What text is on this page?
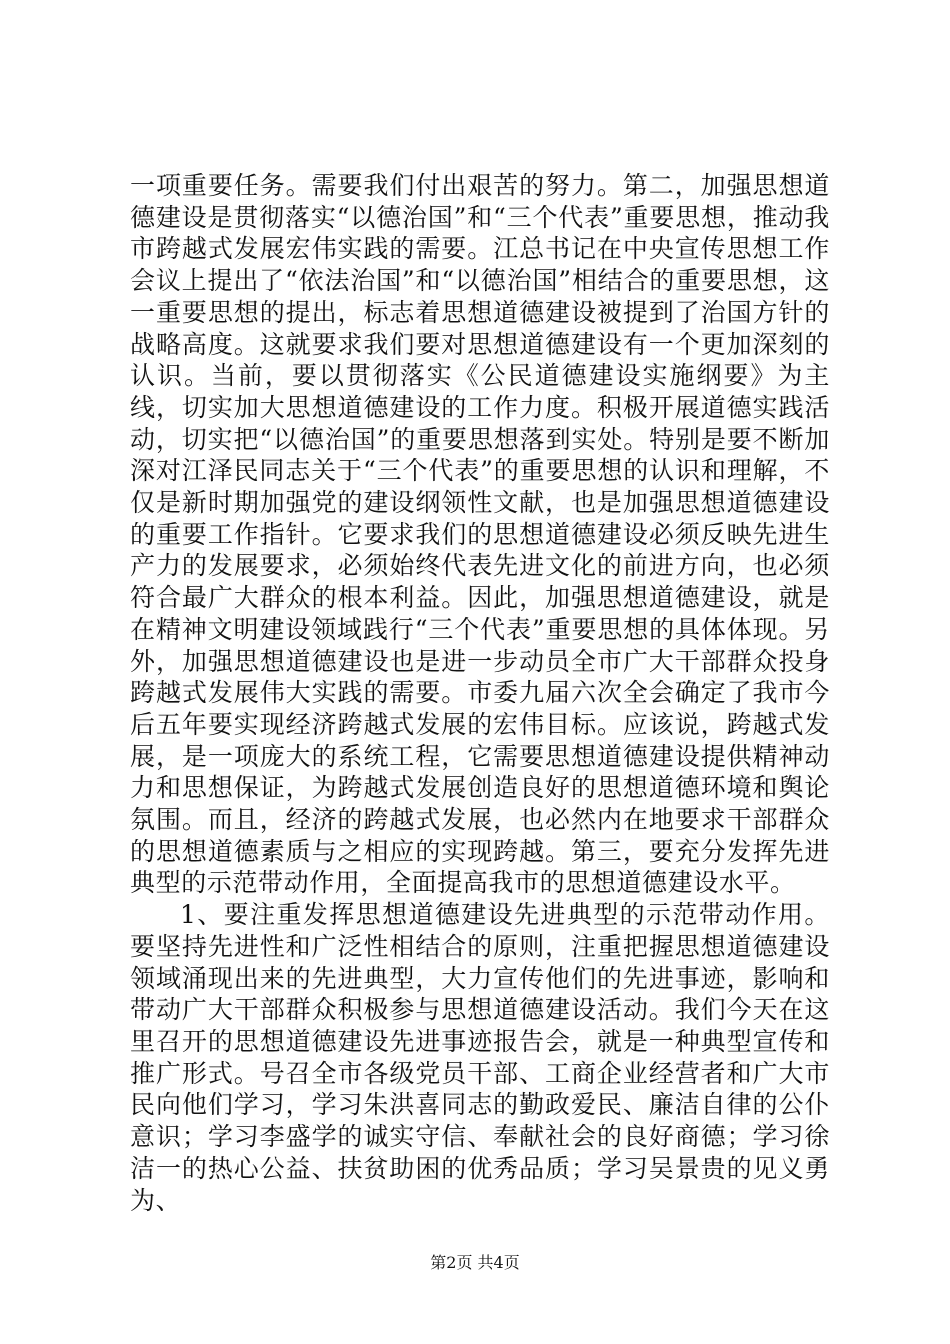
一项重要任务。需要我们付出艰苦的努力。第二，加强思想道德建设是贯彻落实“以德治国”和“三个代表”重要思想，推动我市跨越式发展宏伟实践的需要。江总书记在中央宣传思想工作会议上提出了“依法治国”和“以德治国”相结合的重要思想，这一重要思想的提出，标志着思想道德建设被提到了治国方针的战略高度。这就要求我们要对思想道德建设有一个更加深刻的认识。当前，要以贯彻落实《公民道德建设实施纲要》为主线，切实加大思想道德建设的工作力度。积极开展道德实践活动，切实把“以德治国”的重要思想落到实处。特别是要不断加深对江泽民同志关于“三个代表”的重要思想的认识和理解，不仅是新时期加强党的建设纲领性文献，也是加强思想道德建设的重要工作指针。它要求我们的思想道德建设必须反映先进生产力的发展要求，必须始终代表先进文化的前进方向，也必须符合最广大群众的根本利益。因此，加强思想道德建设，就是在精神文明建设领域践行“三个代表”重要思想的具体体现。另外，加强思想道德建设也是进一步动员全市广大干部群众投身跨越式发展伟大实践的需要。市委九届六次全会确定了我市今后五年要实现经济跨越式发展的宏伟目标。应该说，跨越式发展，是一项庞大的系统工程，它需要思想道德建设提供精神动力和思想保证，为跨越式发展创造良好的思想道德环境和舆论氛围。而且，经济的跨越式发展，也必然内在地要求干部群众的思想道德素质与之相应的实现跨越。第三，要充分发挥先进典型的示范带动作用，全面提高我市的思想道德建设水平。

1、要注重发挥思想道德建设先进典型的示范带动作用。要坚持先进性和广泛性相结合的原则，注重把握思想道德建设领域涌现出来的先进典型，大力宣传他们的先进事迹，影响和带动广大干部群众积极参与思想道德建设活动。我们今天在这里召开的思想道德建设先进事迹报告会，就是一种典型宣传和推广形式。号召全市各级党员干部、工商企业经营者和广大市民向他们学习，学习朱洪喜同志的勤政爱民、廉洁自律的公仆意识；学习李盛学的诚实守信、奉献社会的良好商德；学习徐洁一的热心公益、扶贫助困的优秀品质；学习吴景贵的见义勇为、

第2页 共4页
